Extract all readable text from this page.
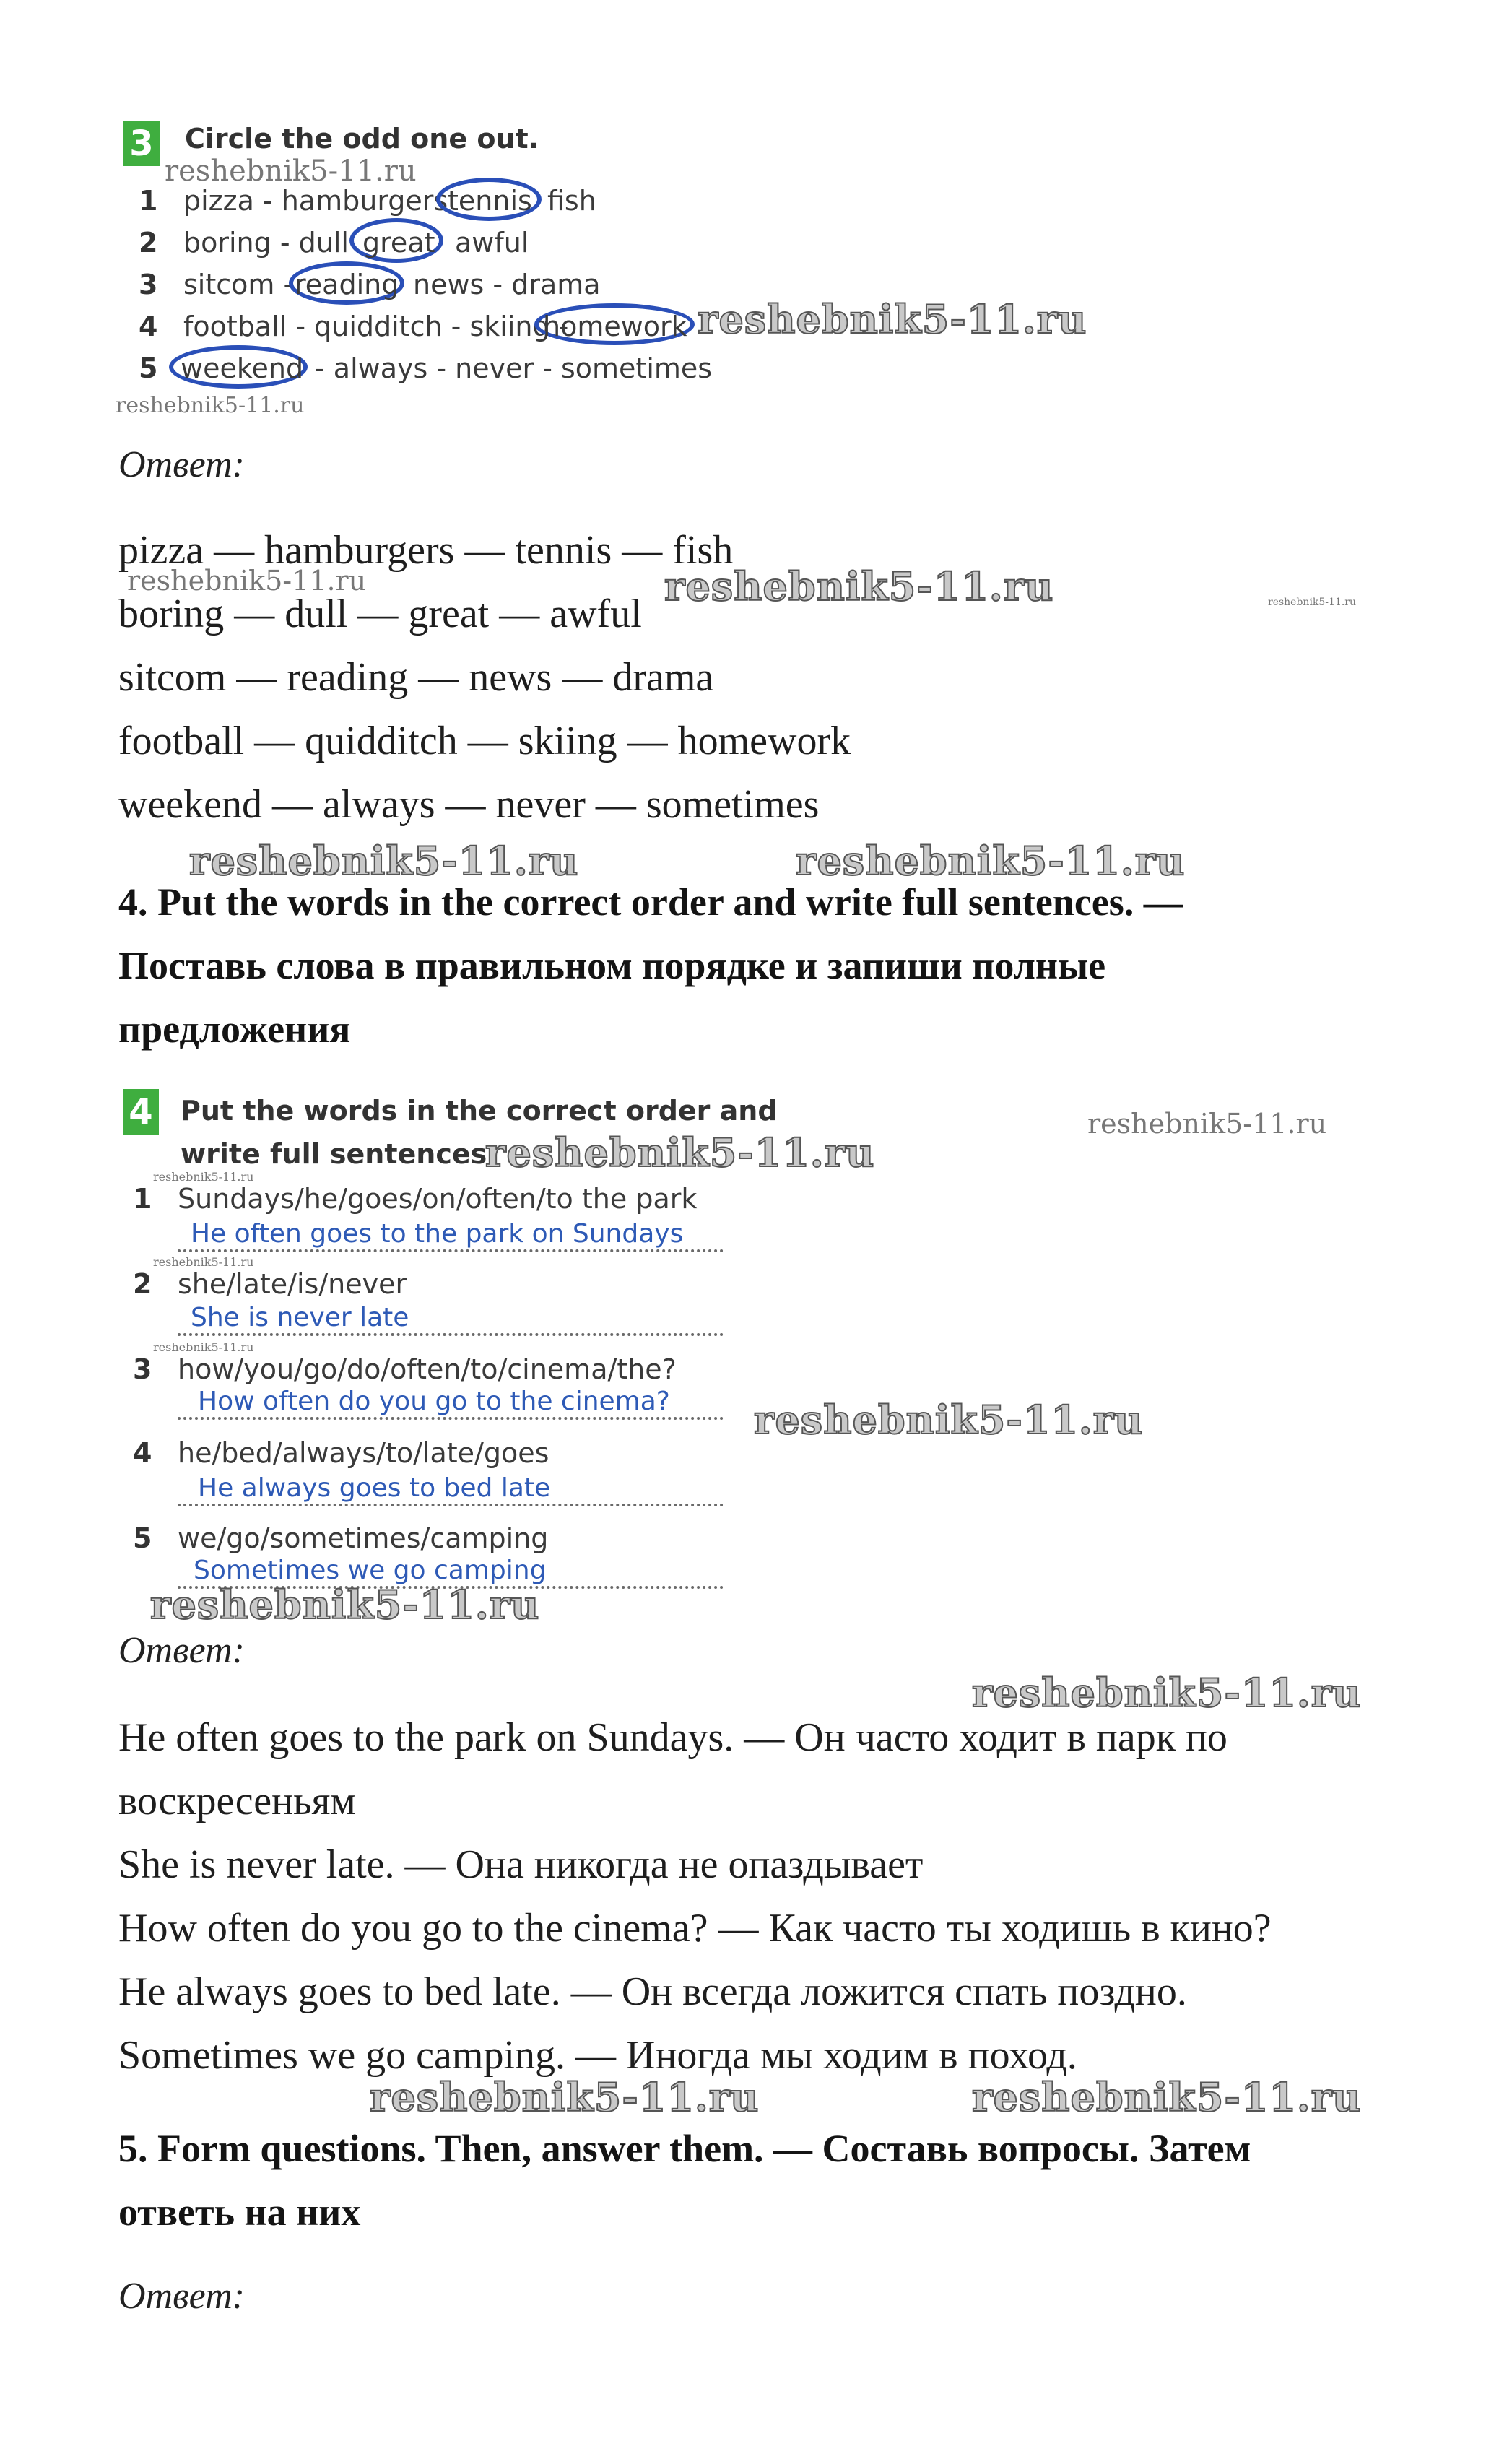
3 Circle the odd one out.
reshebnik5-11.ru
1 pizza - hamburgers tennis fish
2 boring - dull great awful
3 sitcom - reading news - drama
4 football - quidditch - skiing -
homework reshebnik5-11.ru
5 weekend - always - never - sometimes
reshebnik5-11.ru
Ответ:
pizza — hamburgers — tennis — fish
reshebnik5-11.ru
boring — dull — great — awful
reshebnik5-11.ru	reshebnik5-11.ru
sitcom — reading — news — drama
football — quidditch — skiing — homework
weekend — always — never — sometimes
reshebnik5-11.ru	reshebnik5-11.ru
4. Put the words in the correct order and write full sentences. —
Поставь слова в правильном порядке и запиши полные
предложения
4 Put the words in the correct order and
write full sentences.
reshebnik5-11.ru
reshebnik5-11.ru
reshebnik5-11.ru
1 Sundays/he/goes/on/often/to the park
He often goes to the park on Sundays
reshebnik5-11.ru
2 she/late/is/never
She is never late
reshebnik5-11.ru
3 how/you/go/do/often/to/cinema/the?
How often do you go to the cinema? reshebnik5-11.ru
4 he/bed/always/to/late/goes
He always goes to bed late
5 we/go/sometimes/camping
Sometimes we go camping
reshebnik5-11.ru
Ответ:
reshebnik5-11.ru
He often goes to the park on Sundays. — Он часто ходит в парк по
воскресеньям
She is never late. — Она никогда не опаздывает
How often do you go to the cinema? — Как часто ты ходишь в кино?
He always goes to bed late. — Он всегда ложится спать поздно.
Sometimes we go camping. — Иногда мы ходим в поход.
reshebnik5-11.ru	reshebnik5-11.ru
5. Form questions. Then, answer them. — Составь вопросы. Затем
ответь на них
Ответ:
